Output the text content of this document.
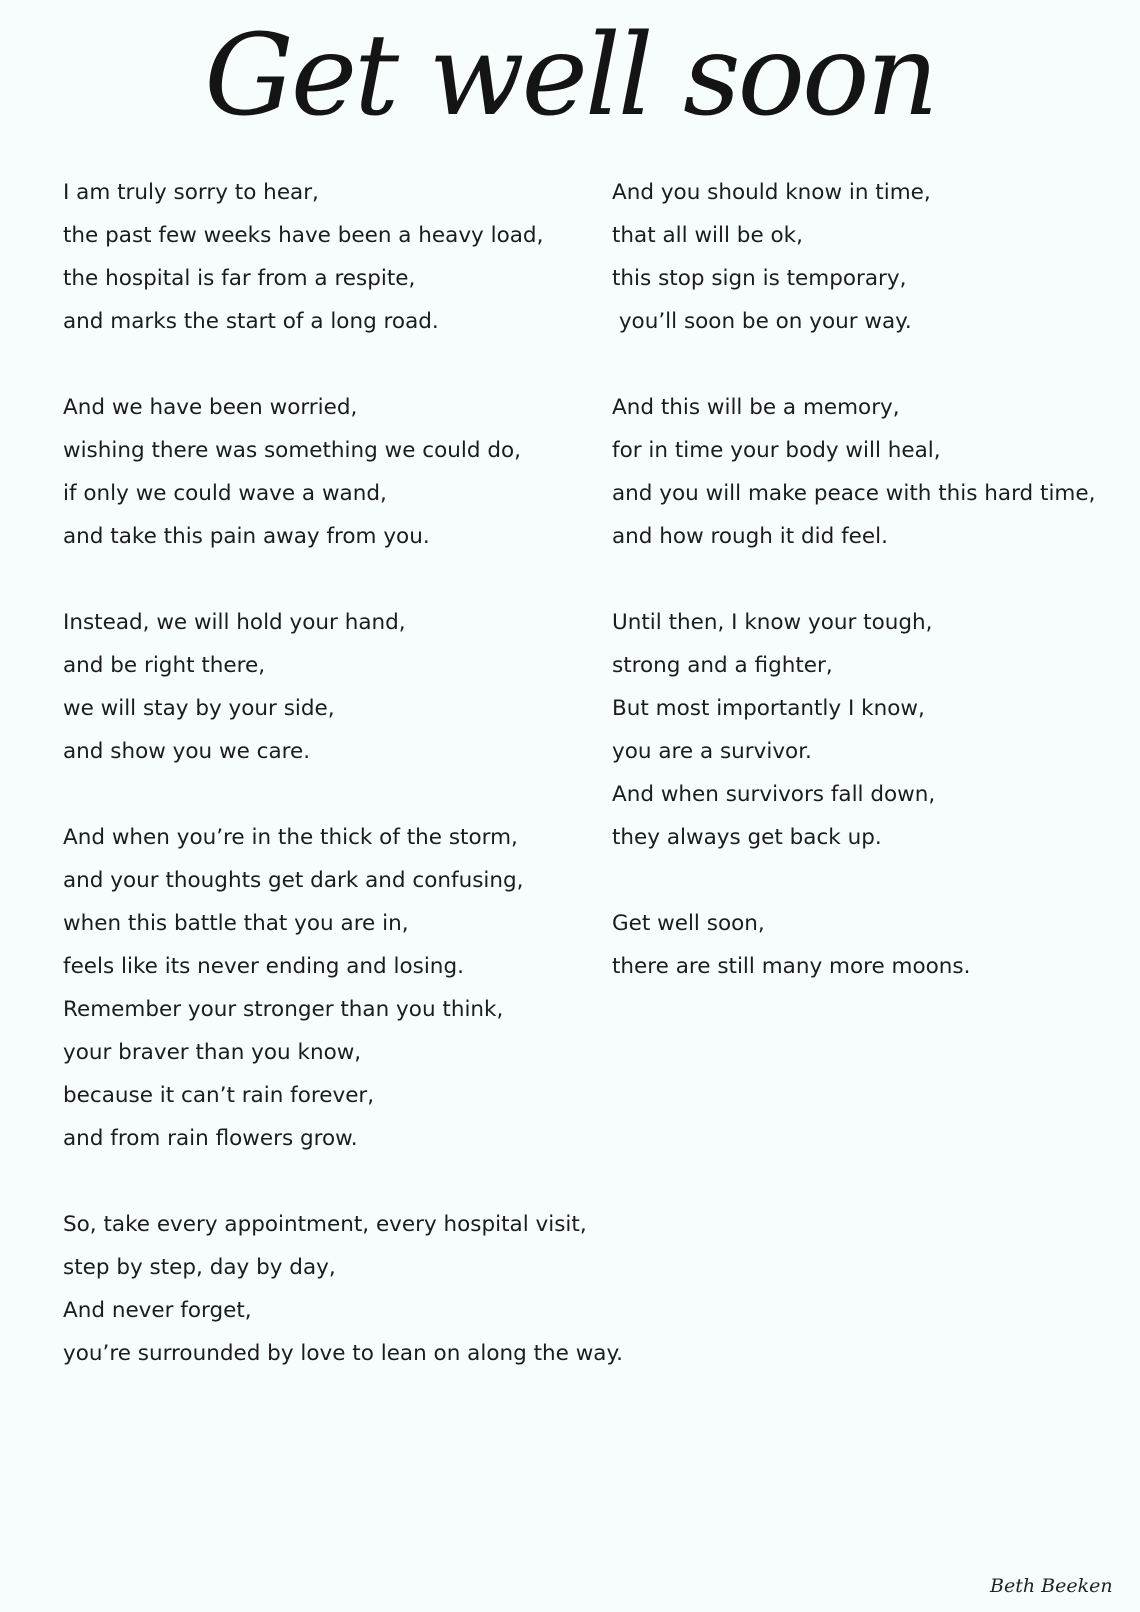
Get well soon
I am truly sorry to hear,
the past few weeks have been a heavy load,
the hospital is far from a respite,
and marks the start of a long road.
And we have been worried,
wishing there was something we could do,
if only we could wave a wand,
and take this pain away from you.
Instead, we will hold your hand,
and be right there,
we will stay by your side,
and show you we care.
And when you’re in the thick of the storm,
and your thoughts get dark and confusing,
when this battle that you are in,
feels like its never ending and losing.
Remember your stronger than you think,
your braver than you know,
because it can’t rain forever,
and from rain flowers grow.
So, take every appointment, every hospital visit,
step by step, day by day,
And never forget,
you’re surrounded by love to lean on along the way.
And you should know in time,
that all will be ok,
this stop sign is temporary,
you’ll soon be on your way.
And this will be a memory,
for in time your body will heal,
and you will make peace with this hard time,
and how rough it did feel.
Until then, I know your tough,
strong and a fighter,
But most importantly I know,
you are a survivor.
And when survivors fall down,
they always get back up.
Get well soon,
there are still many more moons.
Beth Beeken
